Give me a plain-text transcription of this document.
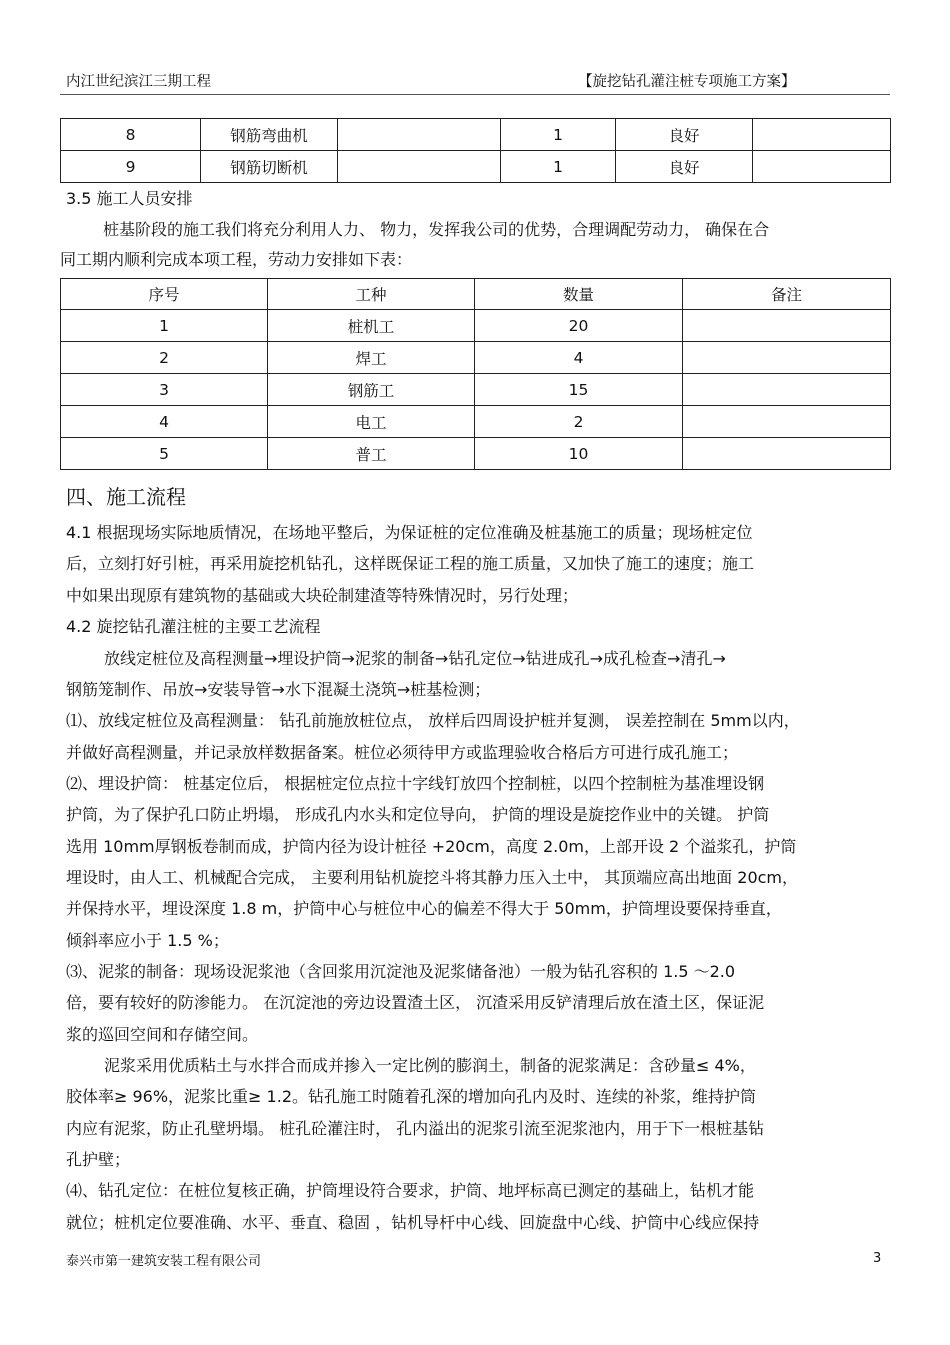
内江世纪滨江三期工程	【旋挖钻孔灌注桩专项施工方案】
8	钢筋弯曲机		1	良好	
9	钢筋切断机		1	良好	
3.5 施工人员安排
桩基阶段的施工我们将充分利用人力、 物力，发挥我公司的优势，合理调配劳动力， 确保在合
同工期内顺利完成本项工程，劳动力安排如下表：
序号	工种	数量	备注
1	桩机工	20	
2	焊工	4	
3	钢筋工	15	
4	电工	2	
5	普工	10	
四、施工流程
4.1 根据现场实际地质情况，在场地平整后，为保证桩的定位准确及桩基施工的质量；现场桩定位
后，立刻打好引桩，再采用旋挖机钻孔，这样既保证工程的施工质量，又加快了施工的速度；施工
中如果出现原有建筑物的基础或大块砼制建渣等特殊情况时，另行处理；
4.2 旋挖钻孔灌注桩的主要工艺流程
放线定桩位及高程测量→埋设护筒→泥浆的制备→钻孔定位→钻进成孔→成孔检查→清孔→
钢筋笼制作、吊放→安装导管→水下混凝土浇筑→桩基检测；
⑴、放线定桩位及高程测量： 钻孔前施放桩位点， 放样后四周设护桩并复测， 误差控制在 5mm以内，
并做好高程测量，并记录放样数据备案。桩位必须待甲方或监理验收合格后方可进行成孔施工；
⑵、埋设护筒： 桩基定位后， 根据桩定位点拉十字线钉放四个控制桩，以四个控制桩为基准埋设钢
护筒，为了保护孔口防止坍塌， 形成孔内水头和定位导向， 护筒的埋设是旋挖作业中的关键。 护筒
选用 10mm厚钢板卷制而成，护筒内径为设计桩径 +20cm，高度 2.0m，上部开设 2 个溢浆孔，护筒
埋设时，由人工、机械配合完成， 主要利用钻机旋挖斗将其静力压入土中， 其顶端应高出地面 20cm，
并保持水平，埋设深度 1.8 m，护筒中心与桩位中心的偏差不得大于 50mm，护筒埋设要保持垂直，
倾斜率应小于 1.5 %；
⑶、泥浆的制备：现场设泥浆池（含回浆用沉淀池及泥浆储备池）一般为钻孔容积的 1.5 ～2.0
倍，要有较好的防渗能力。 在沉淀池的旁边设置渣土区， 沉渣采用反铲清理后放在渣土区，保证泥
浆的巡回空间和存储空间。
泥浆采用优质粘土与水拌合而成并掺入一定比例的膨润土，制备的泥浆满足：含砂量≤ 4%，
胶体率≥ 96%，泥浆比重≥ 1.2。钻孔施工时随着孔深的增加向孔内及时、连续的补浆，维持护筒
内应有泥浆，防止孔壁坍塌。 桩孔砼灌注时， 孔内溢出的泥浆引流至泥浆池内，用于下一根桩基钻
孔护壁；
⑷、钻孔定位：在桩位复核正确，护筒埋设符合要求，护筒、地坪标高已测定的基础上，钻机才能
就位；桩机定位要准确、水平、垂直、稳固 ，钻机导杆中心线、回旋盘中心线、护筒中心线应保持
泰兴市第一建筑安装工程有限公司	3
